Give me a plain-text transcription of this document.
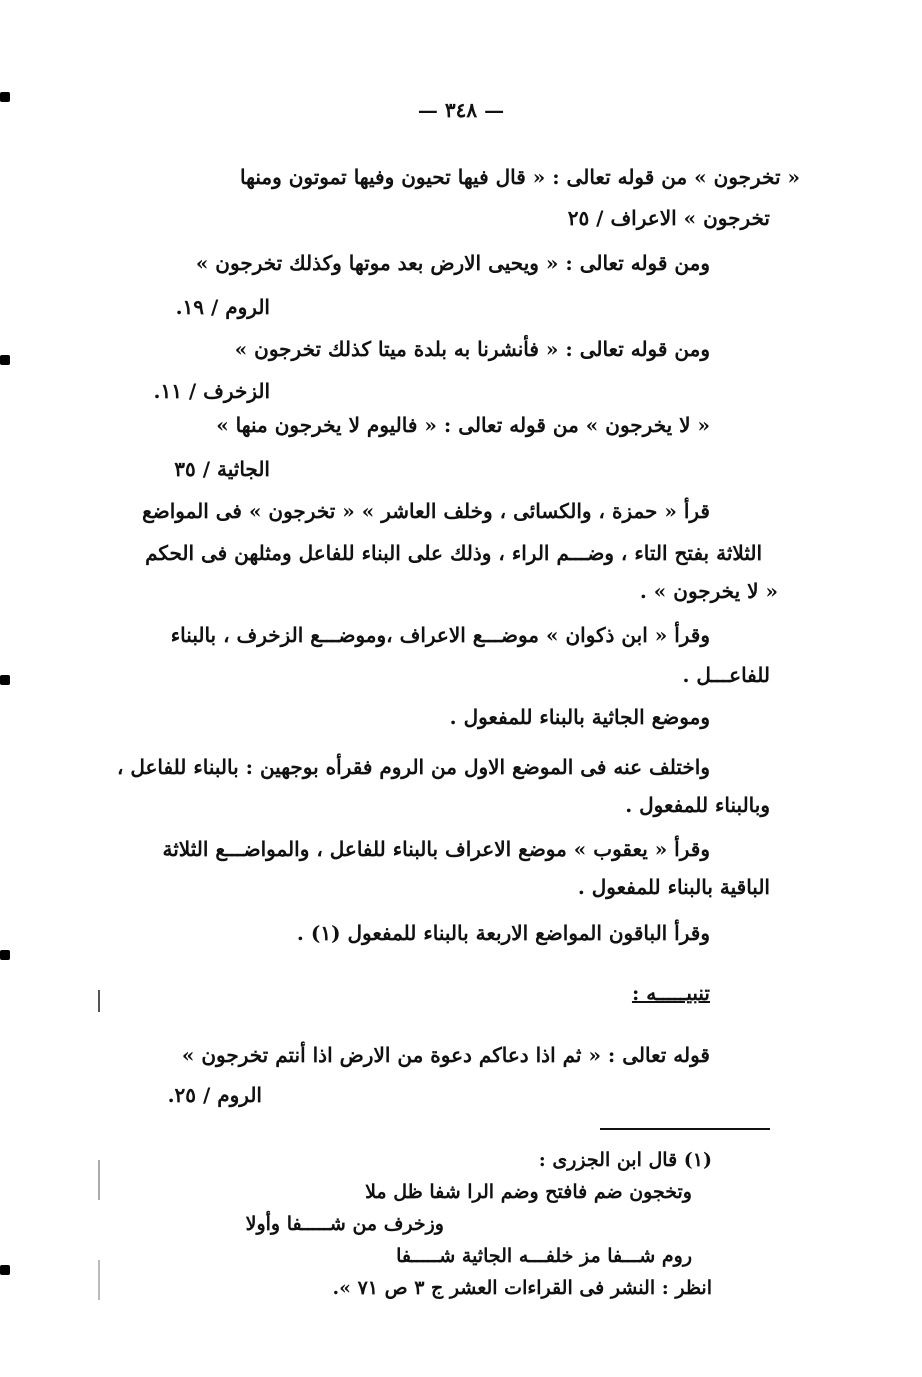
— ٣٤٨ —
« تخرجون » من قوله تعالى : « قال فيها تحيون وفيها تموتون ومنها
تخرجون » الاعراف / ٢٥
ومن قوله تعالى : « ويحيى الارض بعد موتها وكذلك تخرجون »
الروم / ١٩.
ومن قوله تعالى : « فأنشرنا به بلدة ميتا كذلك تخرجون »
الزخرف / ١١.
« لا يخرجون » من قوله تعالى : « فاليوم لا يخرجون منها »
الجاثية / ٣٥
قرأ « حمزة ، والكسائى ، وخلف العاشر » « تخرجون » فى المواضع
الثلاثة بفتح التاء ، وضـــم الراء ، وذلك على البناء للفاعل ومثلهن فى الحكم
« لا يخرجون » .
وقرأ « ابن ذكوان » موضـــع الاعراف ،وموضـــع الزخرف ، بالبناء
للفاعـــل .
وموضع الجاثية بالبناء للمفعول .
واختلف عنه فى الموضع الاول من الروم فقرأه بوجهين : بالبناء للفاعل ،
وبالبناء للمفعول .
وقرأ « يعقوب » موضع الاعراف بالبناء للفاعل ، والمواضـــع الثلاثة
الباقية بالبناء للمفعول .
وقرأ الباقون المواضع الاربعة بالبناء للمفعول (١) .
تنبيـــــه :
قوله تعالى : « ثم اذا دعاكم دعوة من الارض اذا أنتم تخرجون »
الروم / ٢٥.
(١) قال ابن الجزرى :
وتخجون ضم فافتح وضم الرا شفا ظل ملا
وزخرف من شـــــفا وأولا
روم شـــفا مز خلفـــه الجاثية شـــــفا
انظر : النشر فى القراءات العشر ج ٣ ص ٧١ ».
